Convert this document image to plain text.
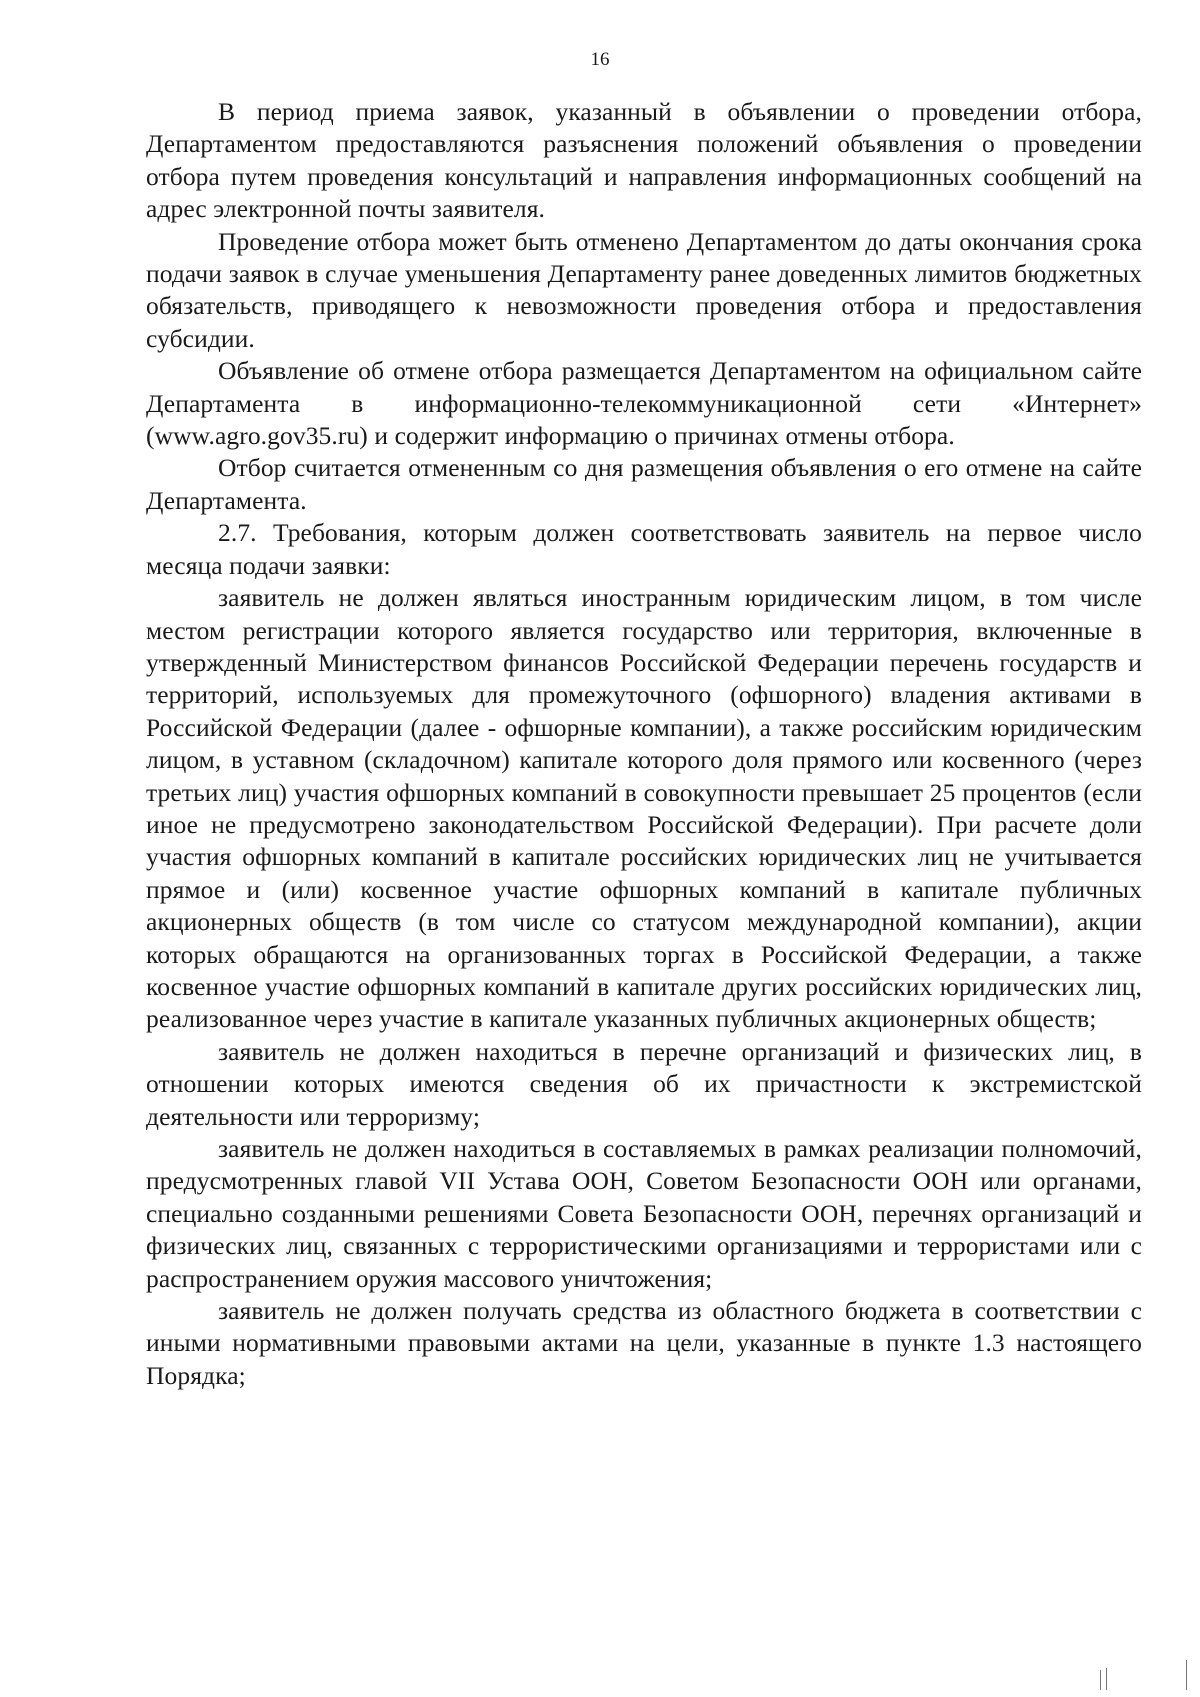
16

В период приема заявок, указанный в объявлении о проведении отбора, Департаментом предоставляются разъяснения положений объявления о проведении отбора путем проведения консультаций и направления информационных сообщений на адрес электронной почты заявителя.

Проведение отбора может быть отменено Департаментом до даты окончания срока подачи заявок в случае уменьшения Департаменту ранее доведенных лимитов бюджетных обязательств, приводящего к невозможности проведения отбора и предоставления субсидии.

Объявление об отмене отбора размещается Департаментом на официальном сайте Департамента в информационно-телекоммуникационной сети «Интернет» (www.agro.gov35.ru) и содержит информацию о причинах отмены отбора.

Отбор считается отмененным со дня размещения объявления о его отмене на сайте Департамента.

2.7. Требования, которым должен соответствовать заявитель на первое число месяца подачи заявки:

заявитель не должен являться иностранным юридическим лицом, в том числе местом регистрации которого является государство или территория, включенные в утвержденный Министерством финансов Российской Федерации перечень государств и территорий, используемых для промежуточного (офшорного) владения активами в Российской Федерации (далее - офшорные компании), а также российским юридическим лицом, в уставном (складочном) капитале которого доля прямого или косвенного (через третьих лиц) участия офшорных компаний в совокупности превышает 25 процентов (если иное не предусмотрено законодательством Российской Федерации). При расчете доли участия офшорных компаний в капитале российских юридических лиц не учитывается прямое и (или) косвенное участие офшорных компаний в капитале публичных акционерных обществ (в том числе со статусом международной компании), акции которых обращаются на организованных торгах в Российской Федерации, а также косвенное участие офшорных компаний в капитале других российских юридических лиц, реализованное через участие в капитале указанных публичных акционерных обществ;

заявитель не должен находиться в перечне организаций и физических лиц, в отношении которых имеются сведения об их причастности к экстремистской деятельности или терроризму;

заявитель не должен находиться в составляемых в рамках реализации полномочий, предусмотренных главой VII Устава ООН, Советом Безопасности ООН или органами, специально созданными решениями Совета Безопасности ООН, перечнях организаций и физических лиц, связанных с террористическими организациями и террористами или с распространением оружия массового уничтожения;

заявитель не должен получать средства из областного бюджета в соответствии с иными нормативными правовыми актами на цели, указанные в пункте 1.3 настоящего Порядка;
